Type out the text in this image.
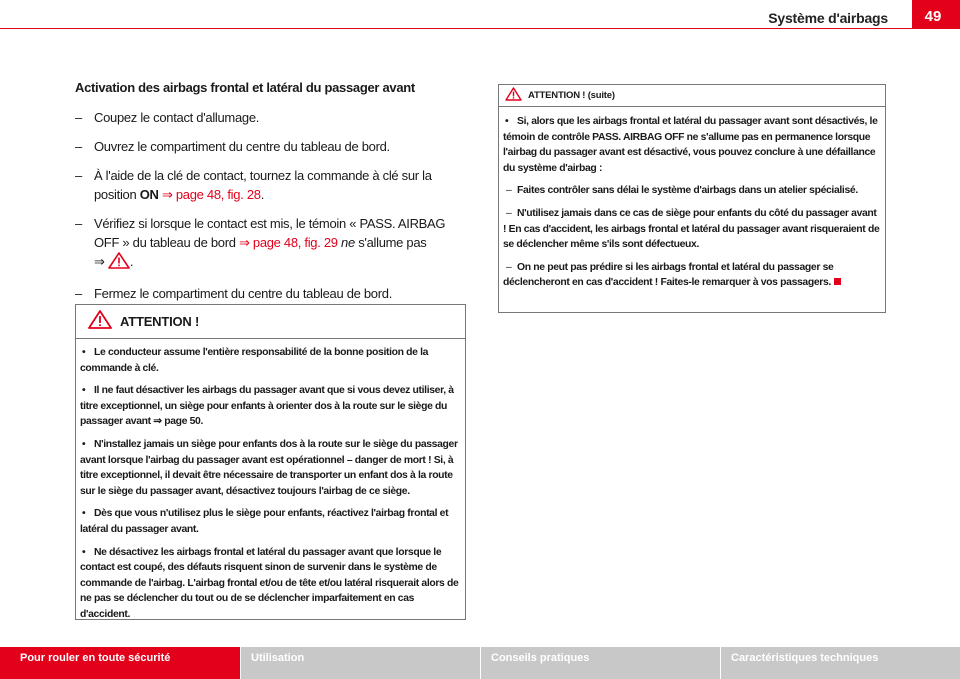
Système d'airbags	49
Activation des airbags frontal et latéral du passager avant
– Coupez le contact d'allumage.
– Ouvrez le compartiment du centre du tableau de bord.
– À l'aide de la clé de contact, tournez la commande à clé sur la position ON ⇒ page 48, fig. 28.
– Vérifiez si lorsque le contact est mis, le témoin « PASS. AIRBAG OFF » du tableau de bord ⇒ page 48, fig. 29 ne s'allume pas
⇒ .
– Fermez le compartiment du centre du tableau de bord.
ATTENTION !
• Le conducteur assume l'entière responsabilité de la bonne position de la commande à clé.
• Il ne faut désactiver les airbags du passager avant que si vous devez utiliser, à titre exceptionnel, un siège pour enfants à orienter dos à la route sur le siège du passager avant ⇒ page 50.
• N'installez jamais un siège pour enfants dos à la route sur le siège du passager avant lorsque l'airbag du passager avant est opérationnel – danger de mort ! Si, à titre exceptionnel, il devait être nécessaire de transporter un enfant dos à la route sur le siège du passager avant, désactivez toujours l'airbag de ce siège.
• Dès que vous n'utilisez plus le siège pour enfants, réactivez l'airbag frontal et latéral du passager avant.
• Ne désactivez les airbags frontal et latéral du passager avant que lorsque le contact est coupé, des défauts risquent sinon de survenir dans le système de commande de l'airbag. L'airbag frontal et/ou de tête et/ou latéral risquerait alors de ne pas se déclencher du tout ou de se déclencher imparfaitement en cas d'accident.
ATTENTION ! (suite)
• Si, alors que les airbags frontal et latéral du passager avant sont désactivés, le témoin de contrôle PASS. AIRBAG OFF ne s'allume pas en permanence lorsque l'airbag du passager avant est désactivé, vous pouvez conclure à une défaillance du système d'airbag :
– Faites contrôler sans délai le système d'airbags dans un atelier spécialisé.
– N'utilisez jamais dans ce cas de siège pour enfants du côté du passager avant ! En cas d'accident, les airbags frontal et latéral du passager avant risqueraient de se déclencher même s'ils sont défectueux.
– On ne peut pas prédire si les airbags frontal et latéral du passager se déclencheront en cas d'accident ! Faites-le remarquer à vos passagers.
Pour rouler en toute sécurité	Utilisation	Conseils pratiques	Caractéristiques techniques
